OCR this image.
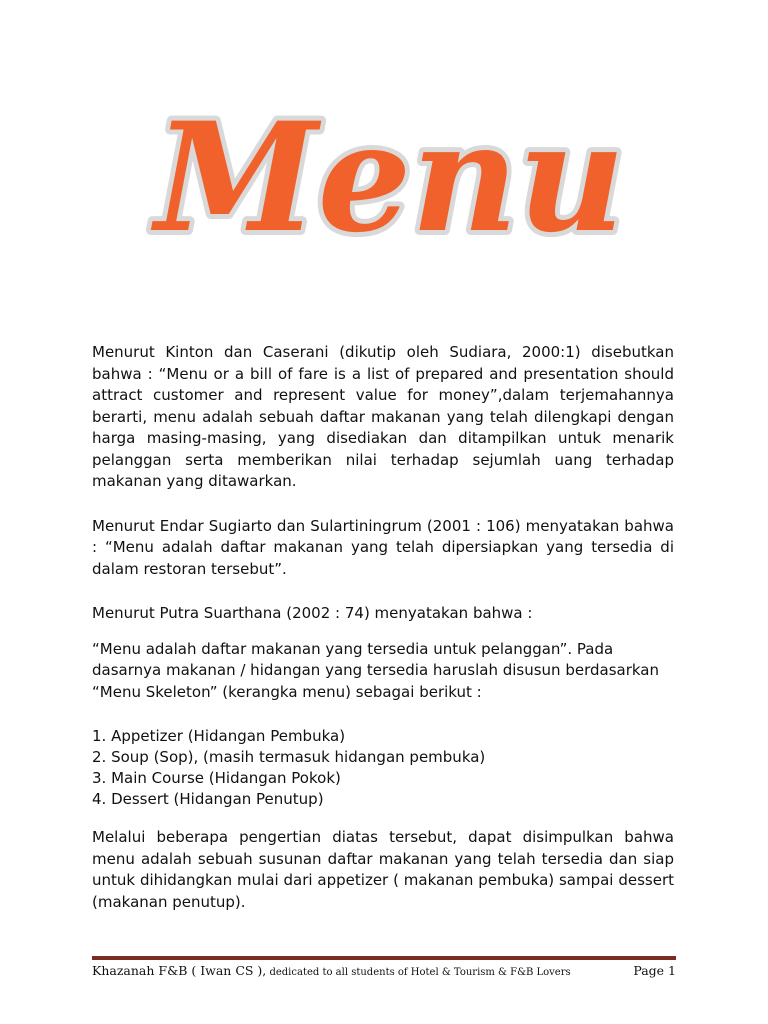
Menu

Menurut Kinton dan Caserani (dikutip oleh Sudiara, 2000:1) disebutkan bahwa : “Menu or a bill of fare is a list of prepared and presentation should attract customer and represent value for money”,dalam terjemahannya berarti, menu adalah sebuah daftar makanan yang telah dilengkapi dengan harga masing-masing, yang disediakan dan ditampilkan untuk menarik pelanggan serta memberikan nilai terhadap sejumlah uang terhadap makanan yang ditawarkan.

Menurut Endar Sugiarto dan Sulartiningrum (2001 : 106) menyatakan bahwa : “Menu adalah daftar makanan yang telah dipersiapkan yang tersedia di dalam restoran tersebut”.

Menurut Putra Suarthana (2002 : 74) menyatakan bahwa :

“Menu adalah daftar makanan yang tersedia untuk pelanggan”. Pada dasarnya makanan / hidangan yang tersedia haruslah disusun berdasarkan “Menu Skeleton” (kerangka menu) sebagai berikut :

1. Appetizer (Hidangan Pembuka)
2. Soup (Sop), (masih termasuk hidangan pembuka)
3. Main Course (Hidangan Pokok)
4. Dessert (Hidangan Penutup)

Melalui beberapa pengertian diatas tersebut, dapat disimpulkan bahwa menu adalah sebuah susunan daftar makanan yang telah tersedia dan siap untuk dihidangkan mulai dari appetizer ( makanan pembuka) sampai dessert (makanan penutup).

Khazanah F&B ( Iwan CS ), dedicated to all students of Hotel & Tourism & F&B Lovers	Page 1
